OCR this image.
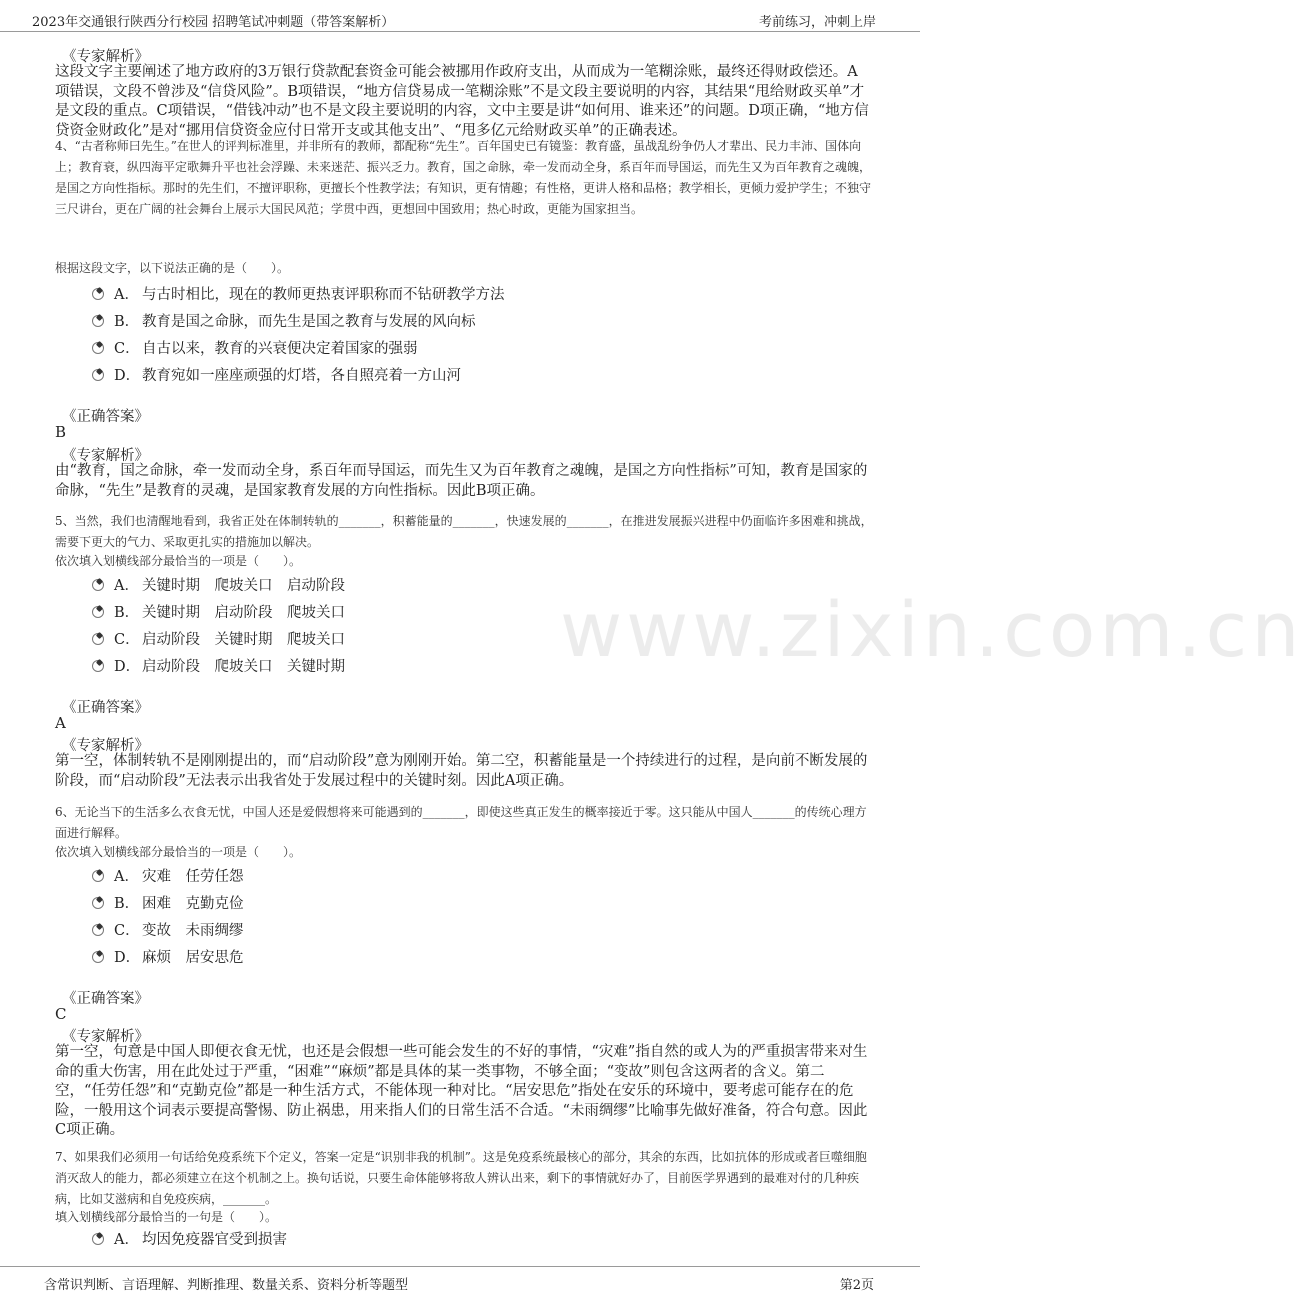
2023年交通银行陕西分行校园 招聘笔试冲刺题（带答案解析）	考前练习，冲刺上岸
www.zixin.com.cn
《专家解析》
这段文字主要阐述了地方政府的3万银行贷款配套资金可能会被挪用作政府支出，从而成为一笔糊涂账，最终还得财政偿还。A项错误，文段不曾涉及“信贷风险”。B项错误，“地方信贷易成一笔糊涂账”不是文段主要说明的内容，其结果“甩给财政买单”才是文段的重点。C项错误，“借钱冲动”也不是文段主要说明的内容，文中主要是讲“如何用、谁来还”的问题。D项正确，“地方信贷资金财政化”是对“挪用信贷资金应付日常开支或其他支出”、“甩多亿元给财政买单”的正确表述。
4、“古者称师曰先生。”在世人的评判标准里，并非所有的教师，都配称“先生”。百年国史已有镜鉴：教育盛，虽战乱纷争仍人才辈出、民力丰沛、国体向上；教育衰，纵四海平定歌舞升平也社会浮躁、未来迷茫、振兴乏力。教育，国之命脉，牵一发而动全身，系百年而导国运，而先生又为百年教育之魂魄，是国之方向性指标。那时的先生们，不擅评职称，更擅长个性教学法；有知识，更有情趣；有性格，更讲人格和品格；教学相长，更倾力爱护学生；不独守三尺讲台，更在广阔的社会舞台上展示大国民风范；学贯中西，更想回中国致用；热心时政，更能为国家担当。
根据这段文字，以下说法正确的是（　　）。
A． 与古时相比，现在的教师更热衷评职称而不钻研教学方法
B． 教育是国之命脉，而先生是国之教育与发展的风向标
C． 自古以来，教育的兴衰便决定着国家的强弱
D． 教育宛如一座座顽强的灯塔，各自照亮着一方山河
《正确答案》
B
《专家解析》
由“教育，国之命脉，牵一发而动全身，系百年而导国运，而先生又为百年教育之魂魄，是国之方向性指标”可知，教育是国家的命脉，“先生”是教育的灵魂，是国家教育发展的方向性指标。因此B项正确。
5、当然，我们也清醒地看到，我省正处在体制转轨的_______，积蓄能量的_______，快速发展的_______，在推进发展振兴进程中仍面临许多困难和挑战，需要下更大的气力、采取更扎实的措施加以解决。
依次填入划横线部分最恰当的一项是（　　）。
A． 关键时期　爬坡关口　启动阶段
B． 关键时期　启动阶段　爬坡关口
C． 启动阶段　关键时期　爬坡关口
D． 启动阶段　爬坡关口　关键时期
《正确答案》
A
《专家解析》
第一空，体制转轨不是刚刚提出的，而“启动阶段”意为刚刚开始。第二空，积蓄能量是一个持续进行的过程，是向前不断发展的阶段，而“启动阶段”无法表示出我省处于发展过程中的关键时刻。因此A项正确。
6、无论当下的生活多么衣食无忧，中国人还是爱假想将来可能遇到的_______，即使这些真正发生的概率接近于零。这只能从中国人_______的传统心理方面进行解释。
依次填入划横线部分最恰当的一项是（　　）。
A． 灾难　任劳任怨
B． 困难　克勤克俭
C． 变故　未雨绸缪
D． 麻烦　居安思危
《正确答案》
C
《专家解析》
第一空，句意是中国人即便衣食无忧，也还是会假想一些可能会发生的不好的事情，“灾难”指自然的或人为的严重损害带来对生命的重大伤害，用在此处过于严重，“困难”“麻烦”都是具体的某一类事物，不够全面；“变故”则包含这两者的含义。第二空，“任劳任怨”和“克勤克俭”都是一种生活方式，不能体现一种对比。“居安思危”指处在安乐的环境中，要考虑可能存在的危险，一般用这个词表示要提高警惕、防止祸患，用来指人们的日常生活不合适。“未雨绸缪”比喻事先做好准备，符合句意。因此C项正确。
7、如果我们必须用一句话给免疫系统下个定义，答案一定是“识别非我的机制”。这是免疫系统最核心的部分，其余的东西，比如抗体的形成或者巨噬细胞消灭敌人的能力，都必须建立在这个机制之上。换句话说，只要生命体能够将敌人辨认出来，剩下的事情就好办了，目前医学界遇到的最难对付的几种疾病，比如艾滋病和自免疫疾病，_______。
填入划横线部分最恰当的一句是（　　）。
A． 均因免疫器官受到损害
含常识判断、言语理解、判断推理、数量关系、资料分析等题型	第2页
